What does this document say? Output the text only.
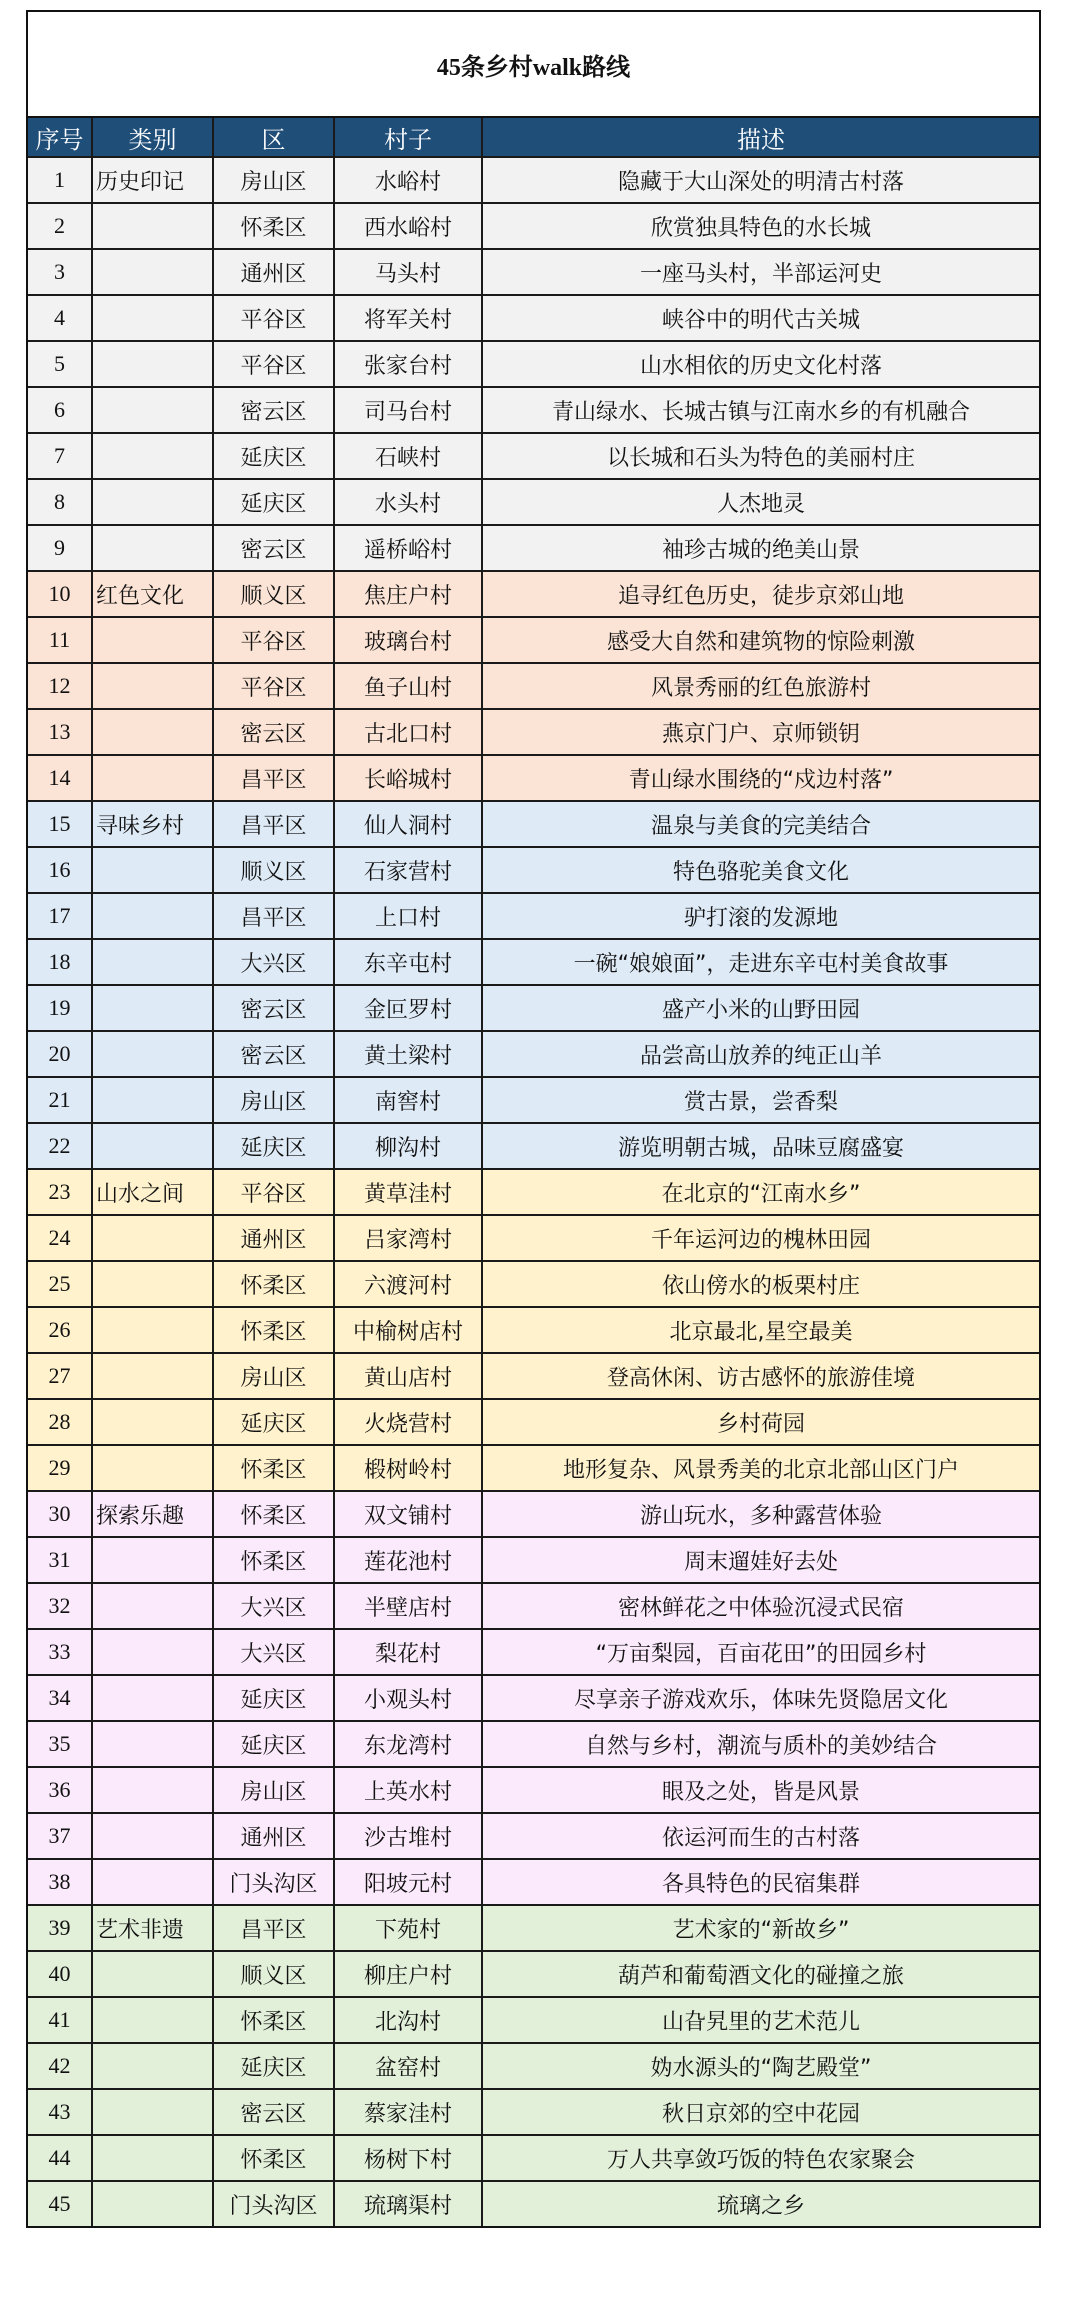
45条乡村walk路线
序号	类别	区	村子	描述
1	历史印记	房山区	水峪村	隐藏于大山深处的明清古村落
2		怀柔区	西水峪村	欣赏独具特色的水长城
3		通州区	马头村	一座马头村，半部运河史
4		平谷区	将军关村	峡谷中的明代古关城
5		平谷区	张家台村	山水相依的历史文化村落
6		密云区	司马台村	青山绿水、长城古镇与江南水乡的有机融合
7		延庆区	石峡村	以长城和石头为特色的美丽村庄
8		延庆区	水头村	人杰地灵
9		密云区	遥桥峪村	袖珍古城的绝美山景
10	红色文化	顺义区	焦庄户村	追寻红色历史，徒步京郊山地
11		平谷区	玻璃台村	感受大自然和建筑物的惊险刺激
12		平谷区	鱼子山村	风景秀丽的红色旅游村
13		密云区	古北口村	燕京门户、京师锁钥
14		昌平区	长峪城村	青山绿水围绕的“戍边村落”
15	寻味乡村	昌平区	仙人洞村	温泉与美食的完美结合
16		顺义区	石家营村	特色骆驼美食文化
17		昌平区	上口村	驴打滚的发源地
18		大兴区	东辛屯村	一碗“娘娘面”，走进东辛屯村美食故事
19		密云区	金叵罗村	盛产小米的山野田园
20		密云区	黄土梁村	品尝高山放养的纯正山羊
21		房山区	南窖村	赏古景，尝香梨
22		延庆区	柳沟村	游览明朝古城，品味豆腐盛宴
23	山水之间	平谷区	黄草洼村	在北京的“江南水乡”
24		通州区	吕家湾村	千年运河边的槐林田园
25		怀柔区	六渡河村	依山傍水的板栗村庄
26		怀柔区	中榆树店村	北京最北,星空最美
27		房山区	黄山店村	登高休闲、访古感怀的旅游佳境
28		延庆区	火烧营村	乡村荷园
29		怀柔区	椴树岭村	地形复杂、风景秀美的北京北部山区门户
30	探索乐趣	怀柔区	双文铺村	游山玩水，多种露营体验
31		怀柔区	莲花池村	周末遛娃好去处
32		大兴区	半壁店村	密林鲜花之中体验沉浸式民宿
33		大兴区	梨花村	“万亩梨园，百亩花田”的田园乡村
34		延庆区	小观头村	尽享亲子游戏欢乐，体味先贤隐居文化
35		延庆区	东龙湾村	自然与乡村，潮流与质朴的美妙结合
36		房山区	上英水村	眼及之处，皆是风景
37		通州区	沙古堆村	依运河而生的古村落
38		门头沟区	阳坡元村	各具特色的民宿集群
39	艺术非遗	昌平区	下苑村	艺术家的“新故乡”
40		顺义区	柳庄户村	葫芦和葡萄酒文化的碰撞之旅
41		怀柔区	北沟村	山旮旯里的艺术范儿
42		延庆区	盆窑村	妫水源头的“陶艺殿堂”
43		密云区	蔡家洼村	秋日京郊的空中花园
44		怀柔区	杨树下村	万人共享敛巧饭的特色农家聚会
45		门头沟区	琉璃渠村	琉璃之乡
